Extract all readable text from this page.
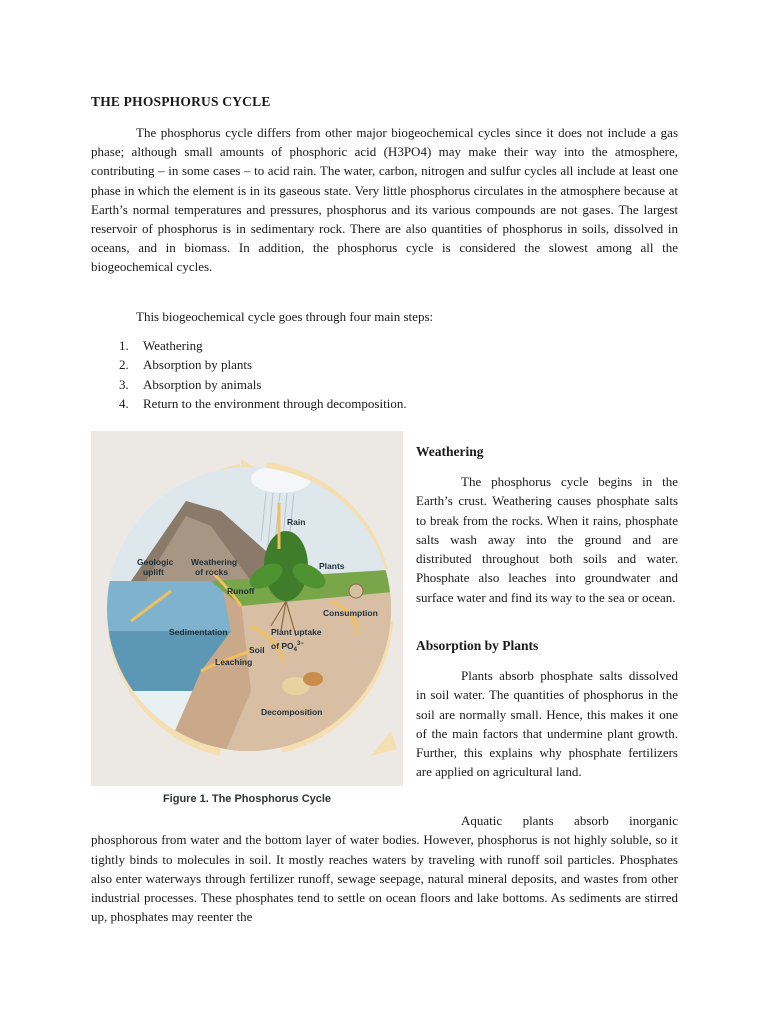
THE PHOSPHORUS CYCLE

The phosphorus cycle differs from other major biogeochemical cycles since it does not include a gas phase; although small amounts of phosphoric acid (H3PO4) may make their way into the atmosphere, contributing – in some cases – to acid rain. The water, carbon, nitrogen and sulfur cycles all include at least one phase in which the element is in its gaseous state. Very little phosphorus circulates in the atmosphere because at Earth’s normal temperatures and pressures, phosphorus and its various compounds are not gases. The largest reservoir of phosphorus is in sedimentary rock. There are also quantities of phosphorus in soils, dissolved in oceans, and in biomass. In addition, the phosphorus cycle is considered the slowest among all the biogeochemical cycles.

This biogeochemical cycle goes through four main steps:

1.	Weathering
2.	Absorption by plants
3.	Absorption by animals
4.	Return to the environment through decomposition.
Rain
Geologic
uplift
Weathering
of rocks
Plants
Runoff
Consumption
Sedimentation	Plant uptake
of $PO_4^{3-}$
Soil
Leaching
Decomposition
Figure 1. The Phosphorus Cycle
Weathering

The phosphorus cycle begins in the Earth’s crust. Weathering causes phosphate salts to break from the rocks. When it rains, phosphate salts wash away into the ground and are distributed throughout both soils and water. Phosphate also leaches into groundwater and surface water and find its way to the sea or ocean.

Absorption by Plants

Plants absorb phosphate salts dissolved in soil water. The quantities of phosphorus in the soil are normally small. Hence, this makes it one of the main factors that undermine plant growth. Further, this explains why phosphate fertilizers are applied on agricultural land.

Aquatic plants absorb inorganic phosphorous from water and the bottom layer of water bodies. However, phosphorus is not highly soluble, so it tightly binds to molecules in soil. It mostly reaches waters by traveling with runoff soil particles. Phosphates also enter waterways through fertilizer runoff, sewage seepage, natural mineral deposits, and wastes from other industrial processes. These phosphates tend to settle on ocean floors and lake bottoms. As sediments are stirred up, phosphates may reenter the
